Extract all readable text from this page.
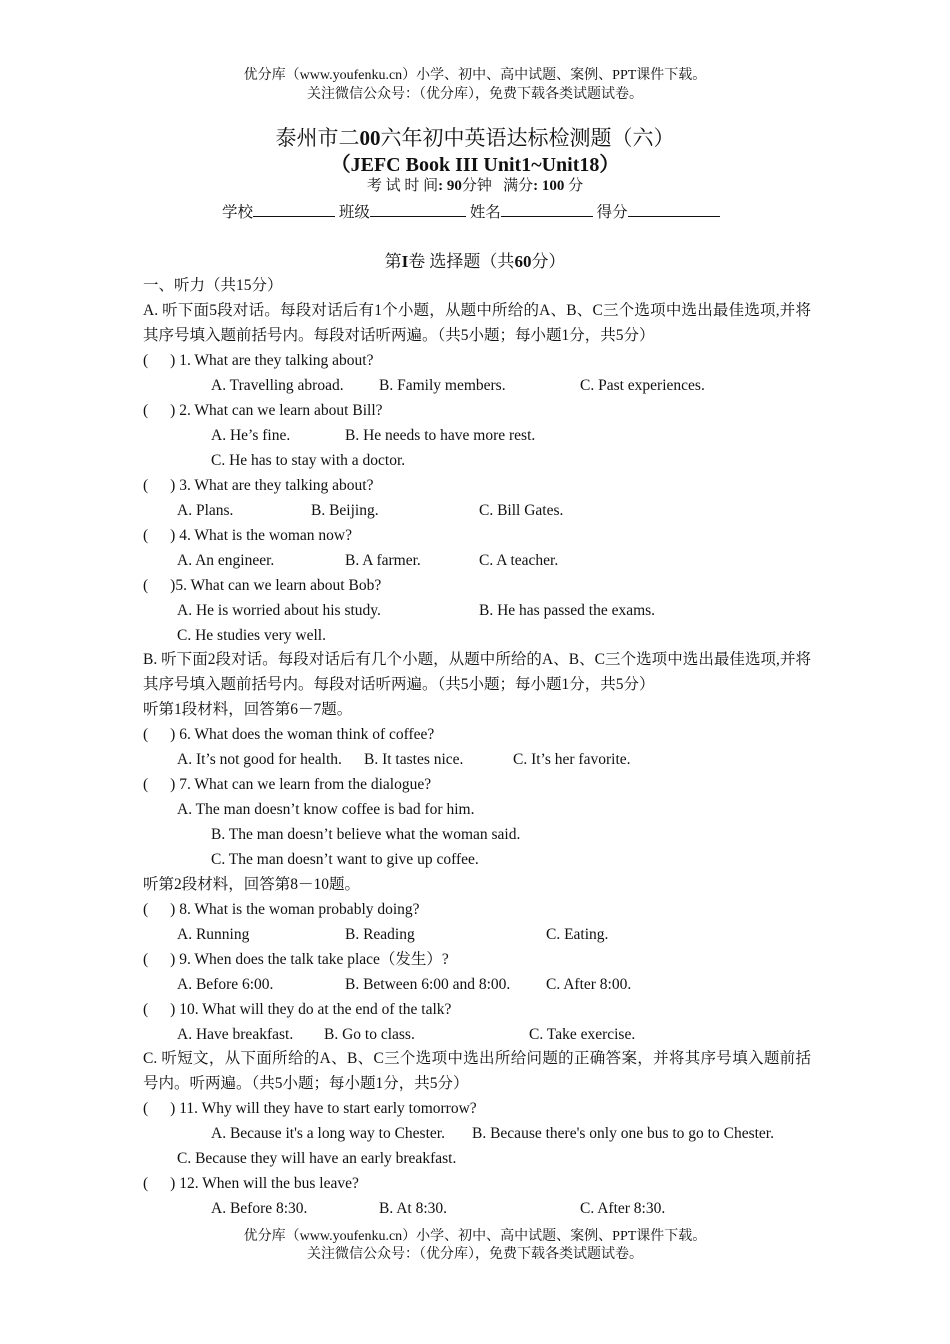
优分库（www.youfenku.cn）小学、初中、高中试题、案例、PPT课件下载。
关注微信公众号：（优分库），免费下载各类试题试卷。
泰州市二00六年初中英语达标检测题（六）
（JEFC Book III Unit1~Unit18）
考 试 时 间: 90分钟 满分: 100 分
学校	班级	姓名	得分
第I卷 选择题（共60分）
一、听力（共15分）
A. 听下面5段对话。每段对话后有1个小题，从题中所给的A、B、C三个选项中选出最佳选项,并将其序号填入题前括号内。每段对话听两遍。（共5小题；每小题1分，共5分）
( ) 1. What are they talking about?
A. Travelling abroad. B. Family members.	C. Past experiences.
( ) 2. What can we learn about Bill?
A. He’s fine.	B. He needs to have more rest.
C. He has to stay with a doctor.
( ) 3. What are they talking about?
A. Plans.	B. Beijing.	C. Bill Gates.
( ) 4. What is the woman now?
A. An engineer.	B. A farmer.	C. A teacher.
( )5. What can we learn about Bob?
A. He is worried about his study.	B. He has passed the exams.
C. He studies very well.
B. 听下面2段对话。每段对话后有几个小题，从题中所给的A、B、C三个选项中选出最佳选项,并将其序号填入题前括号内。每段对话听两遍。（共5小题；每小题1分，共5分）
听第1段材料，回答第6－7题。
( ) 6. What does the woman think of coffee?
A. It’s not good for health. B. It tastes nice.	C. It’s her favorite.
( ) 7. What can we learn from the dialogue?
A. The man doesn’t know coffee is bad for him.
B. The man doesn’t believe what the woman said.
C. The man doesn’t want to give up coffee.
听第2段材料，回答第8－10题。
( ) 8. What is the woman probably doing?
A. Running	B. Reading	C. Eating.
( ) 9. When does the talk take place（发生）?
A. Before 6:00.	B. Between 6:00 and 8:00. C. After 8:00.
( ) 10. What will they do at the end of the talk?
A. Have breakfast. B. Go to class.	C. Take exercise.
C. 听短文，从下面所给的A、B、C三个选项中选出所给问题的正确答案，并将其序号填入题前括号内。听两遍。（共5小题；每小题1分，共5分）
( ) 11. Why will they have to start early tomorrow?
A. Because it's a long way to Chester. B. Because there's only one bus to go to Chester.
C. Because they will have an early breakfast.
( ) 12. When will the bus leave?
A. Before 8:30.	B. At 8:30.	C. After 8:30.
优分库（www.youfenku.cn）小学、初中、高中试题、案例、PPT课件下载。
关注微信公众号：（优分库），免费下载各类试题试卷。
